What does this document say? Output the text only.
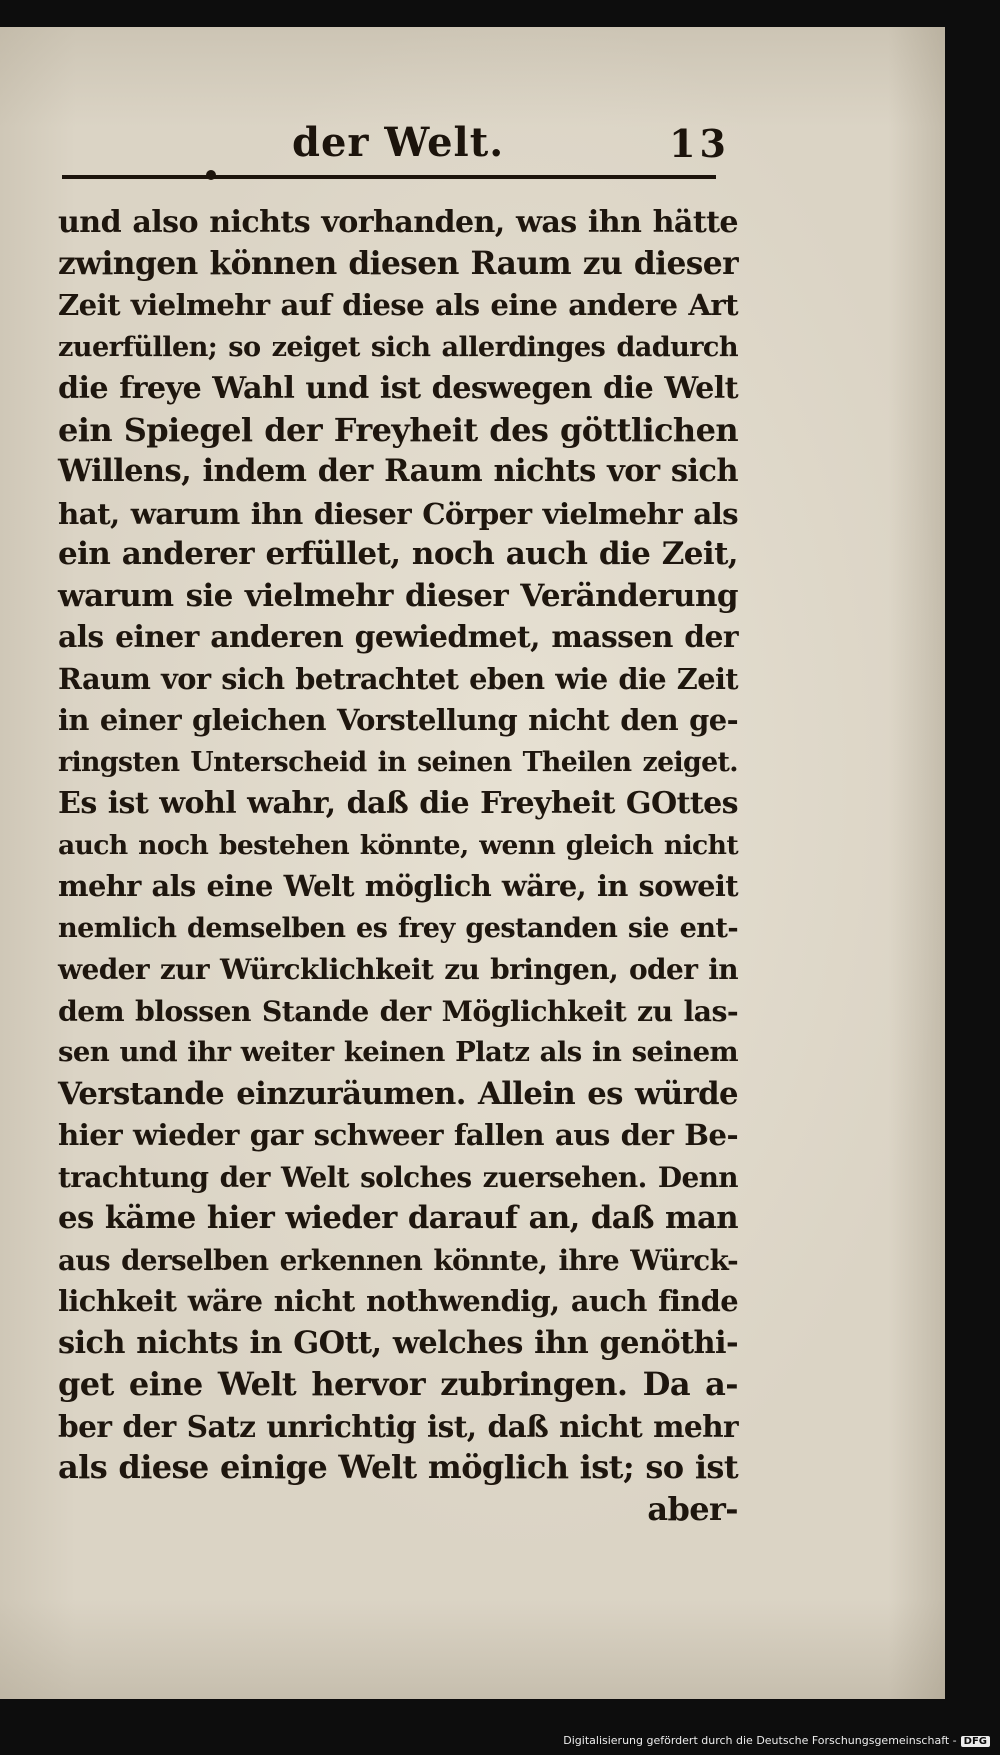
der Welt.	13
und also nichts vorhanden, was ihn hätte
zwingen können diesen Raum zu dieser
Zeit vielmehr auf diese als eine andere Art
zuerfüllen; so zeiget sich allerdinges dadurch
die freye Wahl und ist deswegen die Welt
ein Spiegel der Freyheit des göttlichen
Willens, indem der Raum nichts vor sich
hat, warum ihn dieser Cörper vielmehr als
ein anderer erfüllet, noch auch die Zeit,
warum sie vielmehr dieser Veränderung
als einer anderen gewiedmet, massen der
Raum vor sich betrachtet eben wie die Zeit
in einer gleichen Vorstellung nicht den ge-
ringsten Unterscheid in seinen Theilen zeiget.
Es ist wohl wahr, daß die Freyheit GOttes
auch noch bestehen könnte, wenn gleich nicht
mehr als eine Welt möglich wäre, in soweit
nemlich demselben es frey gestanden sie ent-
weder zur Würcklichkeit zu bringen, oder in
dem blossen Stande der Möglichkeit zu las-
sen und ihr weiter keinen Platz als in seinem
Verstande einzuräumen. Allein es würde
hier wieder gar schweer fallen aus der Be-
trachtung der Welt solches zuersehen. Denn
es käme hier wieder darauf an, daß man
aus derselben erkennen könnte, ihre Würck-
lichkeit wäre nicht nothwendig, auch finde
sich nichts in GOtt, welches ihn genöthi-
get eine Welt hervor zubringen. Da a-
ber der Satz unrichtig ist, daß nicht mehr
als diese einige Welt möglich ist; so ist
aber-
Digitalisierung gefördert durch die Deutsche Forschungsgemeinschaft - DFG
